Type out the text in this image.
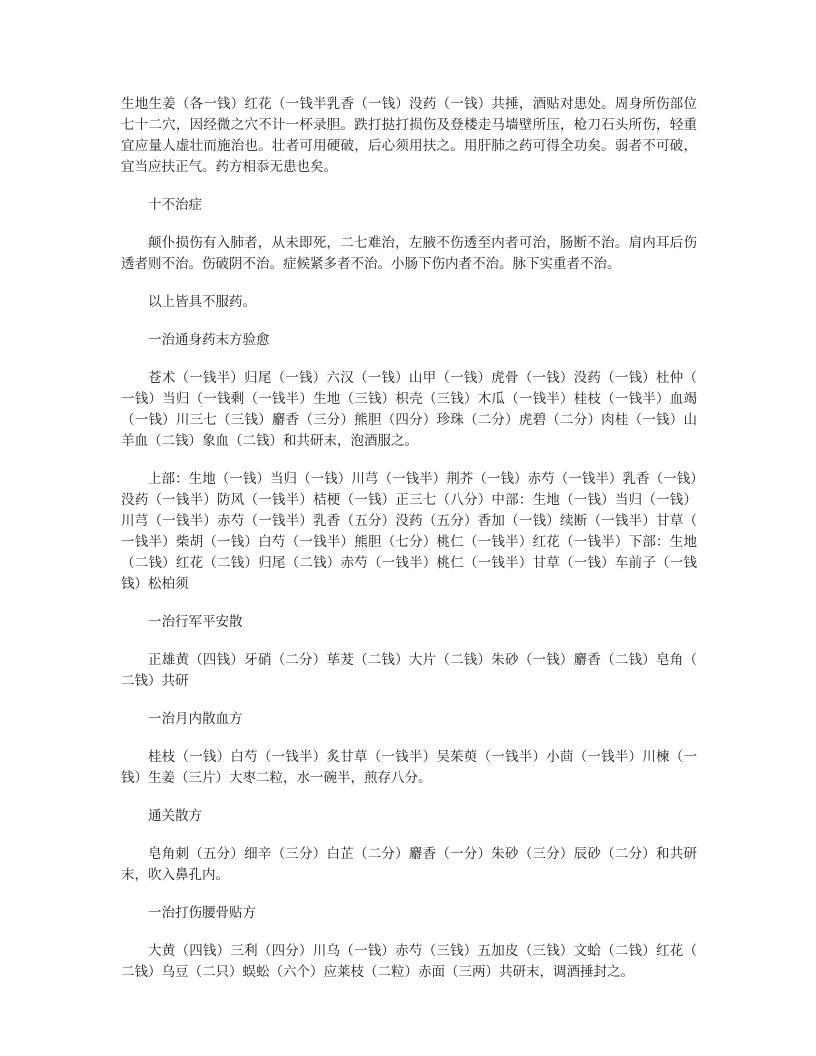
生地生姜（各一钱）红花（一钱半乳香（一钱）没药（一钱）共捶，酒贴对患处。周身所伤部位七十二穴，因经微之穴不计一杯录胆。跌打挞打损伤及登楼走马墙壁所压，枪刀石头所伤，轻重宜应量人虚壮而施治也。壮者可用硬破，后心须用扶之。用肝肺之药可得全功矣。弱者不可破，宜当应扶正气。药方相忝无患也矣。

十不治症

颠仆损伤有入肺者，从未即死，二七难治，左腋不伤透至内者可治，肠断不治。肩内耳后伤透者则不治。伤破阴不治。症候紧多者不治。小肠下伤内者不治。脉下实重者不治。

以上皆具不服药。

一治通身药末方验愈

苍术（一钱半）归尾（一钱）六汉（一钱）山甲（一钱）虎骨（一钱）没药（一钱）杜仲（一钱）当归（一钱剩（一钱半）生地（三钱）枳壳（三钱）木瓜（一钱半）桂枝（一钱半）血竭（一钱）川三七（三钱）麝香（三分）熊胆（四分）珍珠（二分）虎碧（二分）肉桂（一钱）山羊血（二钱）象血（二钱）和共研末，泡酒服之。

上部：生地（一钱）当归（一钱）川芎（一钱半）荆芥（一钱）赤芍（一钱半）乳香（一钱）没药（一钱半）防风（一钱半）桔梗（一钱）正三七（八分）中部：生地（一钱）当归（一钱）川芎（一钱半）赤芍（一钱半）乳香（五分）没药（五分）香加（一钱）续断（一钱半）甘草（一钱半）柴胡（一钱）白芍（一钱半）熊胆（七分）桃仁（一钱半）红花（一钱半）下部：生地（二钱）红花（二钱）归尾（二钱）赤芍（一钱半）桃仁（一钱半）甘草（一钱）车前子（一钱钱）松柏须

一治行军平安散

正雄黄（四钱）牙硝（二分）荜茇（二钱）大片（二钱）朱砂（一钱）麝香（二钱）皂角（二钱）共研

一治月内散血方

桂枝（一钱）白芍（一钱半）炙甘草（一钱半）吴茱萸（一钱半）小茴（一钱半）川楝（一钱）生姜（三片）大枣二粒，水一碗半，煎存八分。

通关散方

皂角刺（五分）细辛（三分）白芷（二分）麝香（一分）朱砂（三分）辰砂（二分）和共研末，吹入鼻孔内。

一治打伤腰骨贴方

大黄（四钱）三利（四分）川乌（一钱）赤芍（三钱）五加皮（三钱）文蛤（二钱）红花（二钱）乌豆（二只）蜈蚣（六个）应莱枝（二粒）赤面（三两）共研末，调酒捶封之。
